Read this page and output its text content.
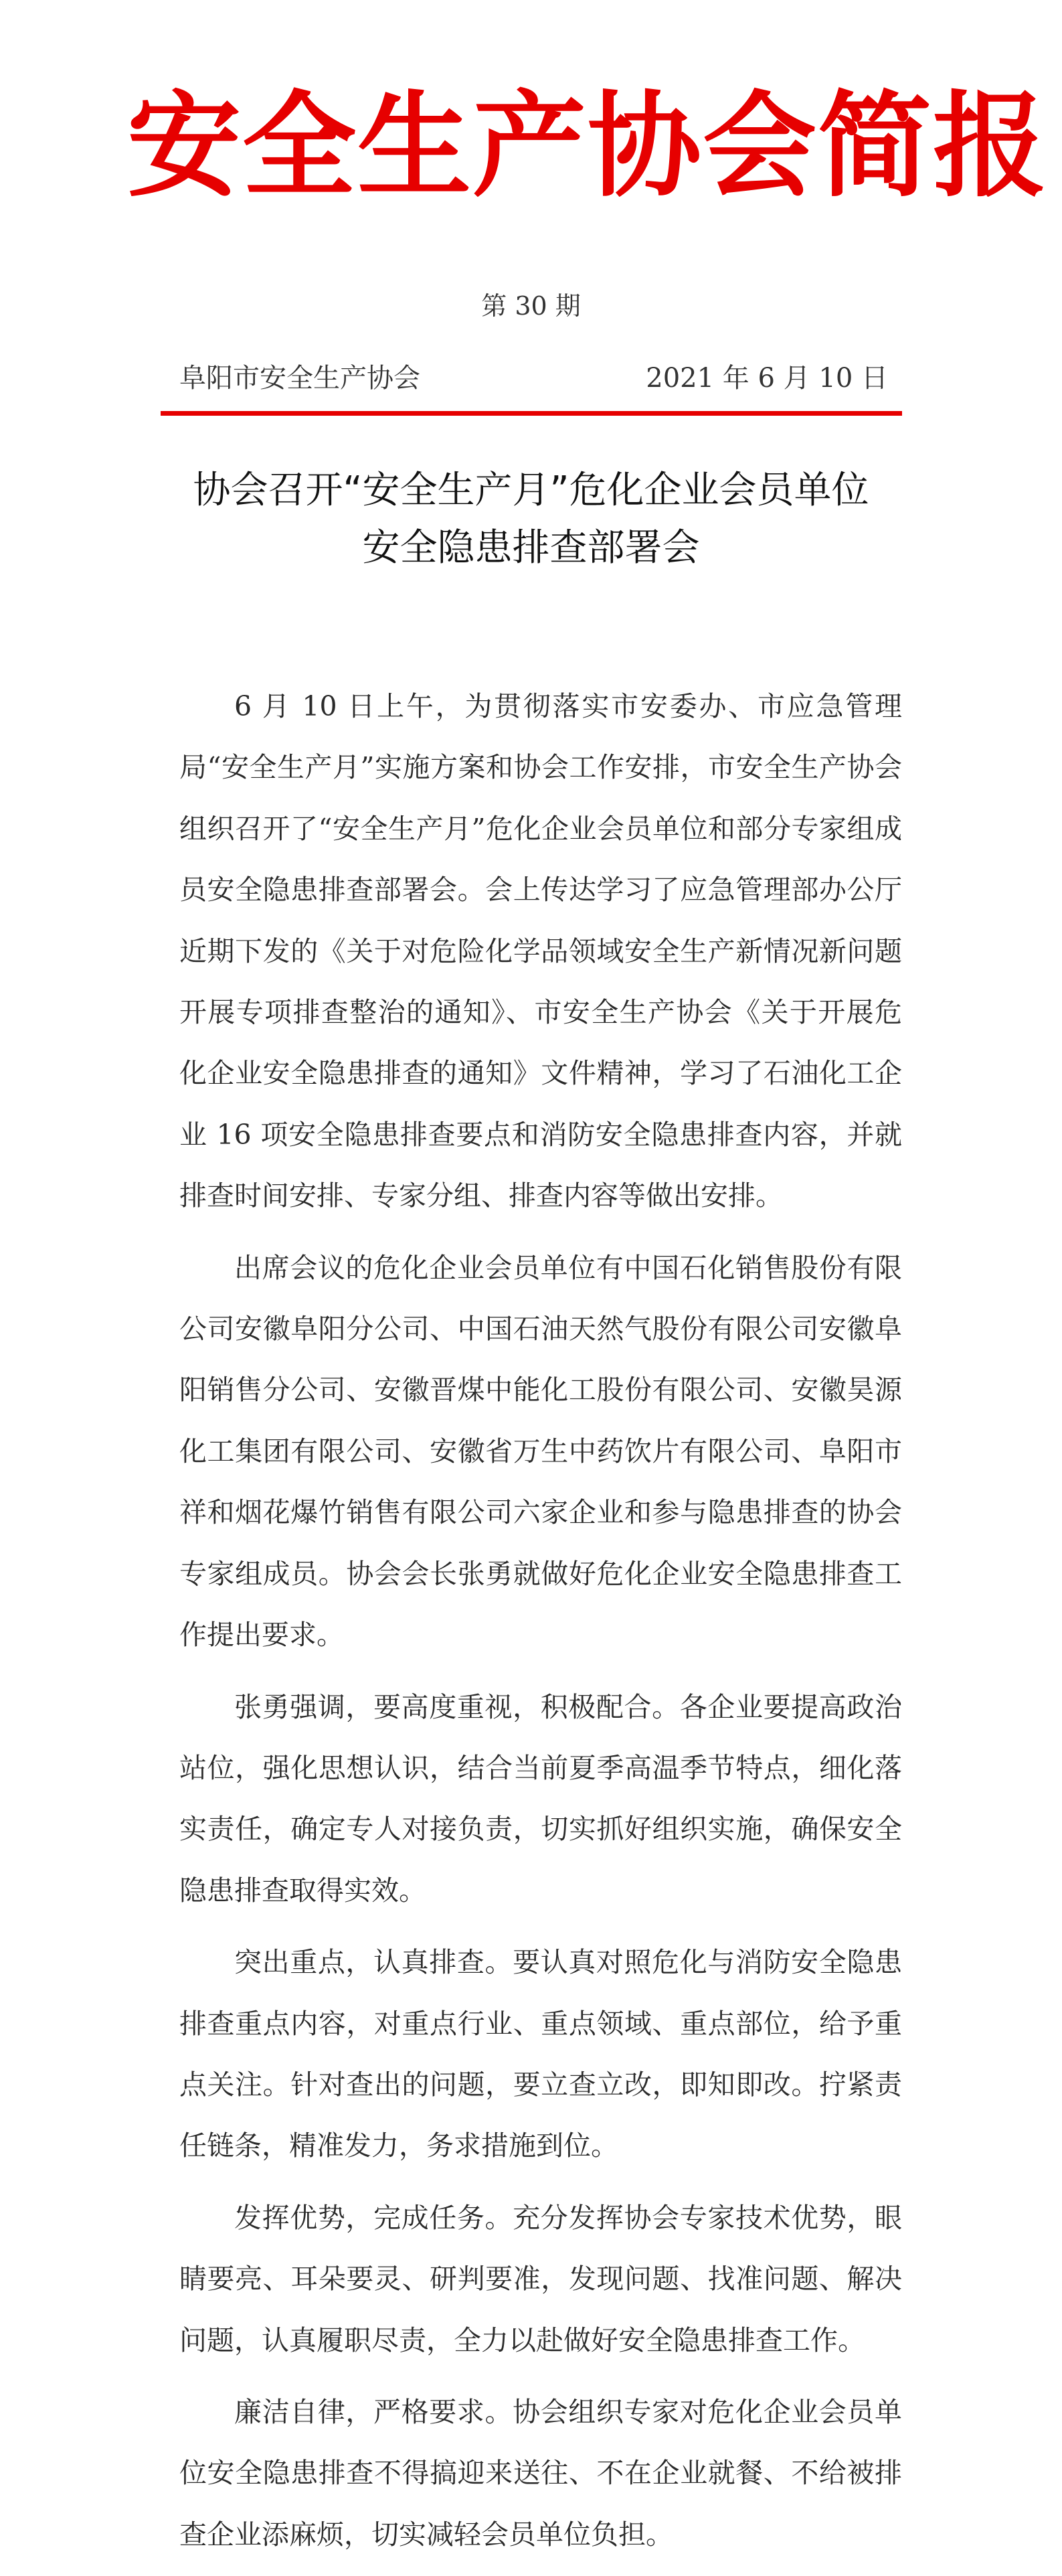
安全生产协会简报
第 30 期
阜阳市安全生产协会	2021 年 6 月 10 日
协会召开“安全生产月”危化企业会员单位
安全隐患排查部署会

6 月 10 日上午，为贯彻落实市安委办、市应急管理局“安全生产月”实施方案和协会工作安排，市安全生产协会组织召开了“安全生产月”危化企业会员单位和部分专家组成员安全隐患排查部署会。会上传达学习了应急管理部办公厅近期下发的《关于对危险化学品领域安全生产新情况新问题开展专项排查整治的通知》、市安全生产协会《关于开展危化企业安全隐患排查的通知》文件精神，学习了石油化工企业 16 项安全隐患排查要点和消防安全隐患排查内容，并就排查时间安排、专家分组、排查内容等做出安排。

出席会议的危化企业会员单位有中国石化销售股份有限公司安徽阜阳分公司、中国石油天然气股份有限公司安徽阜阳销售分公司、安徽晋煤中能化工股份有限公司、安徽昊源化工集团有限公司、安徽省万生中药饮片有限公司、阜阳市祥和烟花爆竹销售有限公司六家企业和参与隐患排查的协会专家组成员。协会会长张勇就做好危化企业安全隐患排查工作提出要求。

张勇强调，要高度重视，积极配合。各企业要提高政治站位，强化思想认识，结合当前夏季高温季节特点，细化落实责任，确定专人对接负责，切实抓好组织实施，确保安全隐患排查取得实效。

突出重点，认真排查。要认真对照危化与消防安全隐患排查重点内容，对重点行业、重点领域、重点部位，给予重点关注。针对查出的问题，要立查立改，即知即改。拧紧责任链条，精准发力，务求措施到位。

发挥优势，完成任务。充分发挥协会专家技术优势，眼睛要亮、耳朵要灵、研判要准，发现问题、找准问题、解决问题，认真履职尽责，全力以赴做好安全隐患排查工作。

廉洁自律，严格要求。协会组织专家对危化企业会员单位安全隐患排查不得搞迎来送往、不在企业就餐、不给被排查企业添麻烦，切实减轻会员单位负担。
